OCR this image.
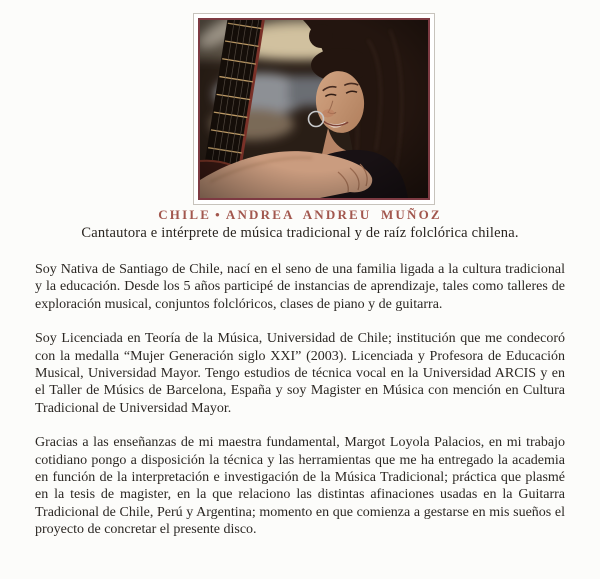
CHILE • ANDREA ANDREU MUÑOZ
Cantautora e intérprete de música tradicional y de raíz folclórica chilena.

Soy Nativa de Santiago de Chile, nací en el seno de una familia ligada a la cultura tradicional y la educación. Desde los 5 años participé de instancias de aprendizaje, tales como talleres de exploración musical, conjuntos folclóricos, clases de piano y de guitarra.

Soy Licenciada en Teoría de la Música, Universidad de Chile; institución que me condecoró con la medalla “Mujer Generación siglo XXI” (2003). Licenciada y Profesora de Educación Musical, Universidad Mayor. Tengo estudios de técnica vocal en la Universidad ARCIS y en el Taller de Músics de Barcelona, España y soy Magister en Música con mención en Cultura Tradicional de Universidad Mayor.

Gracias a las enseñanzas de mi maestra fundamental, Margot Loyola Palacios, en mi trabajo cotidiano pongo a disposición la técnica y las herramientas que me ha entregado la academia en función de la interpretación e investigación de la Música Tradicional; práctica que plasmé en la tesis de magister, en la que relaciono las distintas afinaciones usadas en la Guitarra Tradicional de Chile, Perú y Argentina; momento en que comienza a gestarse en mis sueños el proyecto de concretar el presente disco.
